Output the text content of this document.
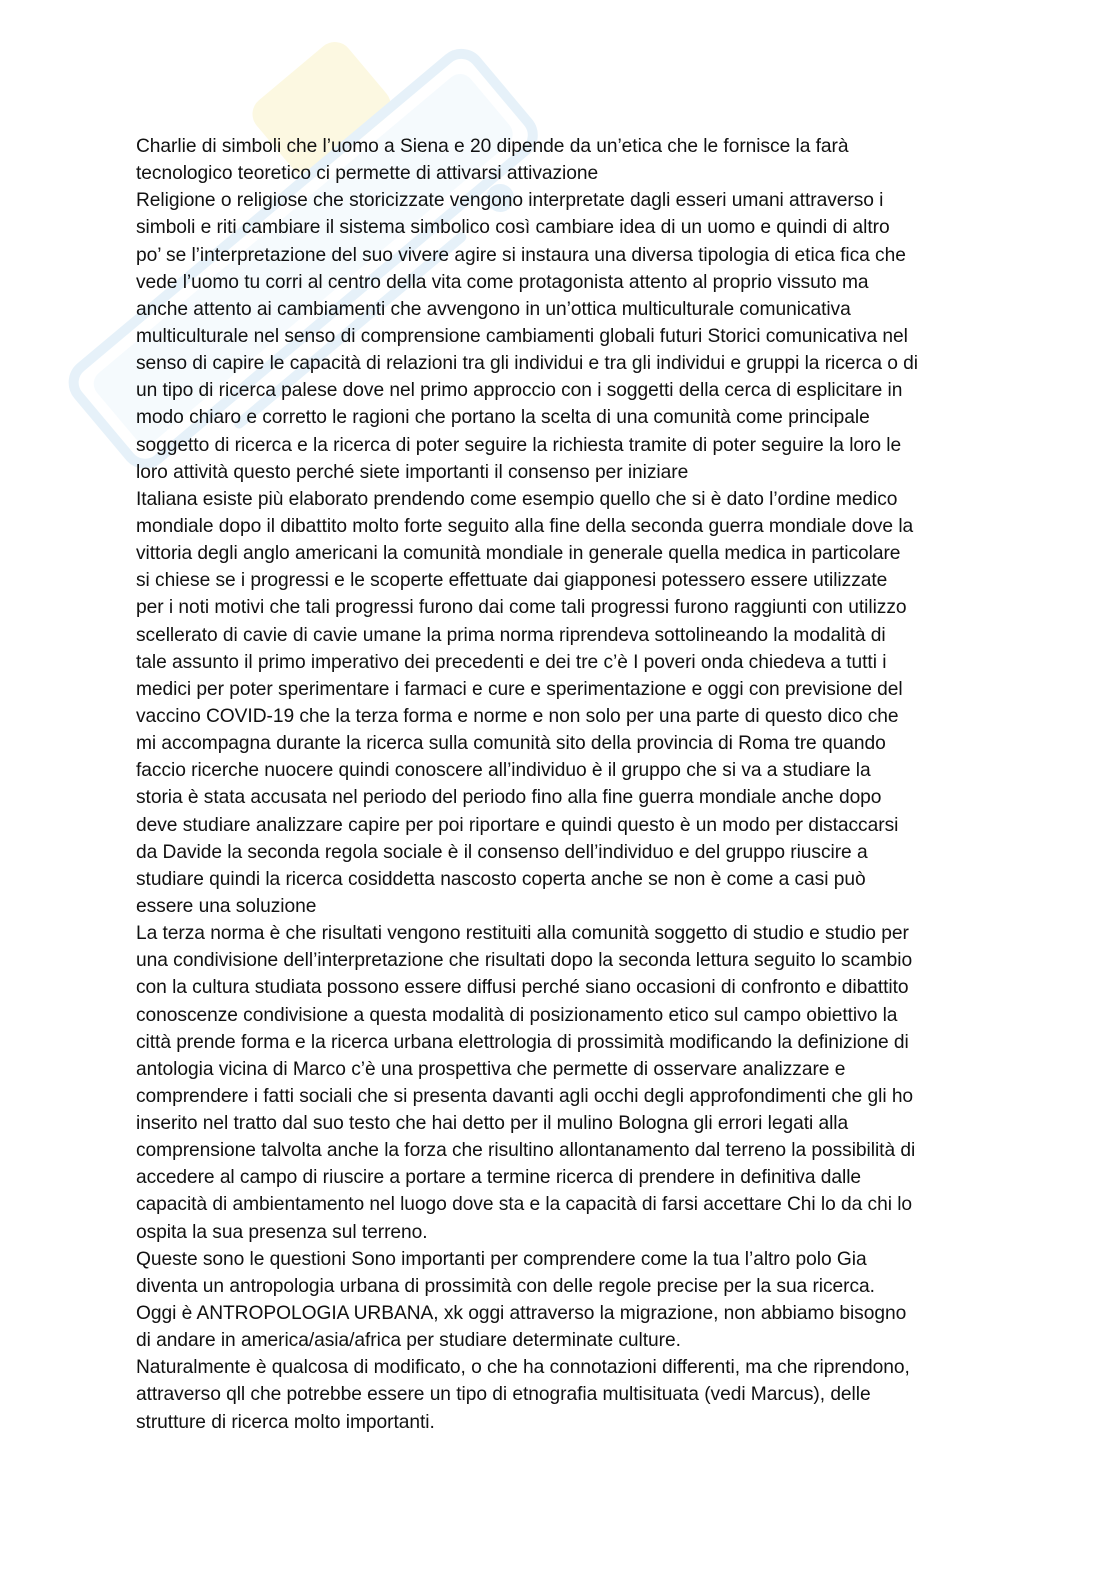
Charlie di simboli che l’uomo a Siena e 20 dipende da un’etica che le fornisce la farà
tecnologico teoretico ci permette di attivarsi attivazione
Religione o religiose che storicizzate vengono interpretate dagli esseri umani attraverso i
simboli e riti cambiare il sistema simbolico così cambiare idea di un uomo e quindi di altro
po’ se l’interpretazione del suo vivere agire si instaura una diversa tipologia di etica fica che
vede l’uomo tu corri al centro della vita come protagonista attento al proprio vissuto ma
anche attento ai cambiamenti che avvengono in un’ottica multiculturale comunicativa
multiculturale nel senso di comprensione cambiamenti globali futuri Storici comunicativa nel
senso di capire le capacità di relazioni tra gli individui e tra gli individui e gruppi la ricerca o di
un tipo di ricerca palese dove nel primo approccio con i soggetti della cerca di esplicitare in
modo chiaro e corretto le ragioni che portano la scelta di una comunità come principale
soggetto di ricerca e la ricerca di poter seguire la richiesta tramite di poter seguire la loro le
loro attività questo perché siete importanti il consenso per iniziare
Italiana esiste più elaborato prendendo come esempio quello che si è dato l’ordine medico
mondiale dopo il dibattito molto forte seguito alla fine della seconda guerra mondiale dove la
vittoria degli anglo americani la comunità mondiale in generale quella medica in particolare
si chiese se i progressi e le scoperte effettuate dai giapponesi potessero essere utilizzate
per i noti motivi che tali progressi furono dai come tali progressi furono raggiunti con utilizzo
scellerato di cavie di cavie umane la prima norma riprendeva sottolineando la modalità di
tale assunto il primo imperativo dei precedenti e dei tre c’è I poveri onda chiedeva a tutti i
medici per poter sperimentare i farmaci e cure e sperimentazione e oggi con previsione del
vaccino COVID-19 che la terza forma e norme e non solo per una parte di questo dico che
mi accompagna durante la ricerca sulla comunità sito della provincia di Roma tre quando
faccio ricerche nuocere quindi conoscere all’individuo è il gruppo che si va a studiare la
storia è stata accusata nel periodo del periodo fino alla fine guerra mondiale anche dopo
deve studiare analizzare capire per poi riportare e quindi questo è un modo per distaccarsi
da Davide la seconda regola sociale è il consenso dell’individuo e del gruppo riuscire a
studiare quindi la ricerca cosiddetta nascosto coperta anche se non è come a casi può
essere una soluzione
La terza norma è che risultati vengono restituiti alla comunità soggetto di studio e studio per
una condivisione dell’interpretazione che risultati dopo la seconda lettura seguito lo scambio
con la cultura studiata possono essere diffusi perché siano occasioni di confronto e dibattito
conoscenze condivisione a questa modalità di posizionamento etico sul campo obiettivo la
città prende forma e la ricerca urbana elettrologia di prossimità modificando la definizione di
antologia vicina di Marco c’è una prospettiva che permette di osservare analizzare e
comprendere i fatti sociali che si presenta davanti agli occhi degli approfondimenti che gli ho
inserito nel tratto dal suo testo che hai detto per il mulino Bologna gli errori legati alla
comprensione talvolta anche la forza che risultino allontanamento dal terreno la possibilità di
accedere al campo di riuscire a portare a termine ricerca di prendere in definitiva dalle
capacità di ambientamento nel luogo dove sta e la capacità di farsi accettare Chi lo da chi lo
ospita la sua presenza sul terreno.
Queste sono le questioni Sono importanti per comprendere come la tua l’altro polo Gia
diventa un antropologia urbana di prossimità con delle regole precise per la sua ricerca.
Oggi è ANTROPOLOGIA URBANA, xk oggi attraverso la migrazione, non abbiamo bisogno
di andare in america/asia/africa per studiare determinate culture.
Naturalmente è qualcosa di modificato, o che ha connotazioni differenti, ma che riprendono,
attraverso qll che potrebbe essere un tipo di etnografia multisituata (vedi Marcus), delle
strutture di ricerca molto importanti.
